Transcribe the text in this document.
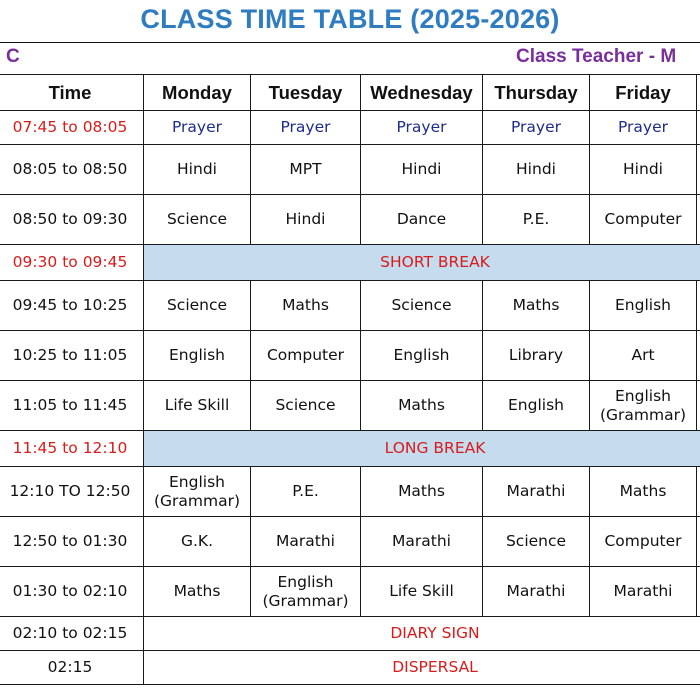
CLASS TIME TABLE (2025-2026)
C	Class Teacher - M
Time	Monday	Tuesday	Wednesday	Thursday	Friday	
07:45 to 08:05	Prayer	Prayer	Prayer	Prayer	Prayer	
08:05 to 08:50	Hindi	MPT	Hindi	Hindi	Hindi	
08:50 to 09:30	Science	Hindi	Dance	P.E.	Computer	
09:30 to 09:45	SHORT BREAK					
09:45 to 10:25	Science	Maths	Science	Maths	English	
10:25 to 11:05	English	Computer	English	Library	Art	
11:05 to 11:45	Life Skill	Science	Maths	English	English (Grammar)	
11:45 to 12:10	LONG BREAK					
12:10 TO 12:50	English (Grammar)	P.E.	Maths	Marathi	Maths	
12:50 to 01:30	G.K.	Marathi	Marathi	Science	Computer	
01:30 to 02:10	Maths	English (Grammar)	Life Skill	Marathi	Marathi	
02:10 to 02:15	DIARY SIGN					
02:15	DISPERSAL					
